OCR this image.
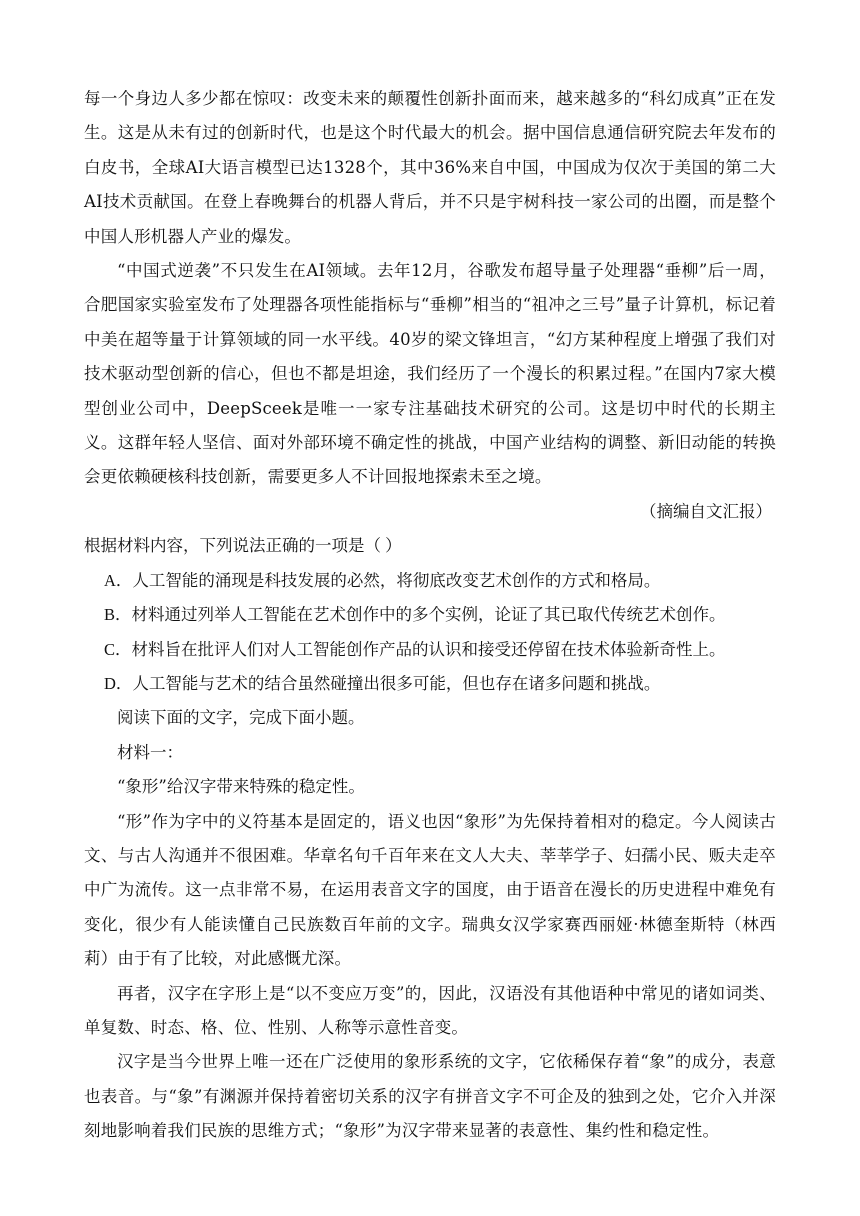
每一个身边人多少都在惊叹：改变未来的颠覆性创新扑面而来，越来越多的“科幻成真”正在发生。这是从未有过的创新时代，也是这个时代最大的机会。据中国信息通信研究院去年发布的白皮书，全球AI大语言模型已达1328个，其中36%来自中国，中国成为仅次于美国的第二大AI技术贡献国。在登上春晚舞台的机器人背后，并不只是宇树科技一家公司的出圈，而是整个中国人形机器人产业的爆发。

“中国式逆袭”不只发生在AI领域。去年12月，谷歌发布超导量子处理器“垂柳”后一周，合肥国家实验室发布了处理器各项性能指标与“垂柳”相当的“祖冲之三号”量子计算机，标记着中美在超等量于计算领域的同一水平线。40岁的梁文锋坦言，“幻方某种程度上增强了我们对技术驱动型创新的信心，但也不都是坦途，我们经历了一个漫长的积累过程。”在国内7家大模型创业公司中，DeepSceek是唯一一家专注基础技术研究的公司。这是切中时代的长期主义。这群年轻人坚信、面对外部环境不确定性的挑战，中国产业结构的调整、新旧动能的转换会更依赖硬核科技创新，需要更多人不计回报地探索未至之境。

（摘编自文汇报）

根据材料内容，下列说法正确的一项是（ ）

A．人工智能的涌现是科技发展的必然，将彻底改变艺术创作的方式和格局。
B．材料通过列举人工智能在艺术创作中的多个实例，论证了其已取代传统艺术创作。
C．材料旨在批评人们对人工智能创作产品的认识和接受还停留在技术体验新奇性上。
D．人工智能与艺术的结合虽然碰撞出很多可能，但也存在诸多问题和挑战。

阅读下面的文字，完成下面小题。

材料一：

“象形”给汉字带来特殊的稳定性。

“形”作为字中的义符基本是固定的，语义也因“象形”为先保持着相对的稳定。今人阅读古文、与古人沟通并不很困难。华章名句千百年来在文人大夫、莘莘学子、妇孺小民、贩夫走卒中广为流传。这一点非常不易，在运用表音文字的国度，由于语音在漫长的历史进程中难免有变化，很少有人能读懂自己民族数百年前的文字。瑞典女汉学家赛西丽娅·林德奎斯特（林西莉）由于有了比较，对此感慨尤深。

再者，汉字在字形上是“以不变应万变”的，因此，汉语没有其他语种中常见的诸如词类、单复数、时态、格、位、性别、人称等示意性音变。

汉字是当今世界上唯一还在广泛使用的象形系统的文字，它依稀保存着“象”的成分，表意也表音。与“象”有渊源并保持着密切关系的汉字有拼音文字不可企及的独到之处，它介入并深刻地影响着我们民族的思维方式；“象形”为汉字带来显著的表意性、集约性和稳定性。
